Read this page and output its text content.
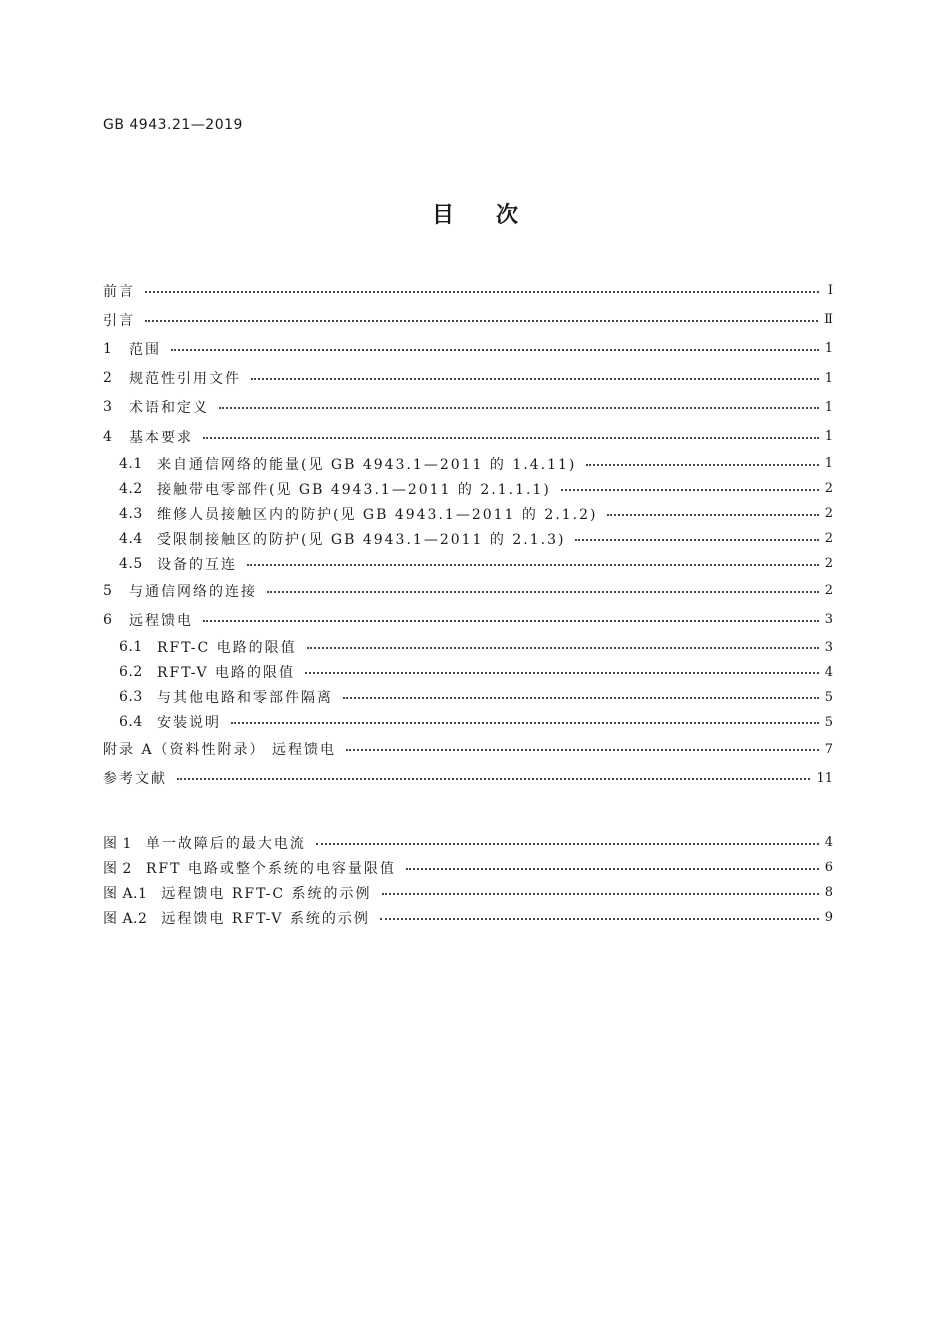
GB 4943.21—2019
目 次
前言	Ⅰ
引言	Ⅱ
1	范围	1
2	规范性引用文件	1
3	术语和定义	1
4	基本要求	1
4.1	来自通信网络的能量(见 GB 4943.1—2011 的 1.4.11)	1
4.2	接触带电零部件(见 GB 4943.1—2011 的 2.1.1.1)	2
4.3	维修人员接触区内的防护(见 GB 4943.1—2011 的 2.1.2)	2
4.4	受限制接触区的防护(见 GB 4943.1—2011 的 2.1.3)	2
4.5	设备的互连	2
5	与通信网络的连接	2
6	远程馈电	3
6.1	RFT-C 电路的限值	3
6.2	RFT-V 电路的限值	4
6.3	与其他电路和零部件隔离	5
6.4	安装说明	5
附录 A（资料性附录） 远程馈电	7
参考文献	11
图 1 单一故障后的最大电流	4
图 2 RFT 电路或整个系统的电容量限值	6
图 A.1 远程馈电 RFT-C 系统的示例	8
图 A.2 远程馈电 RFT-V 系统的示例	9
